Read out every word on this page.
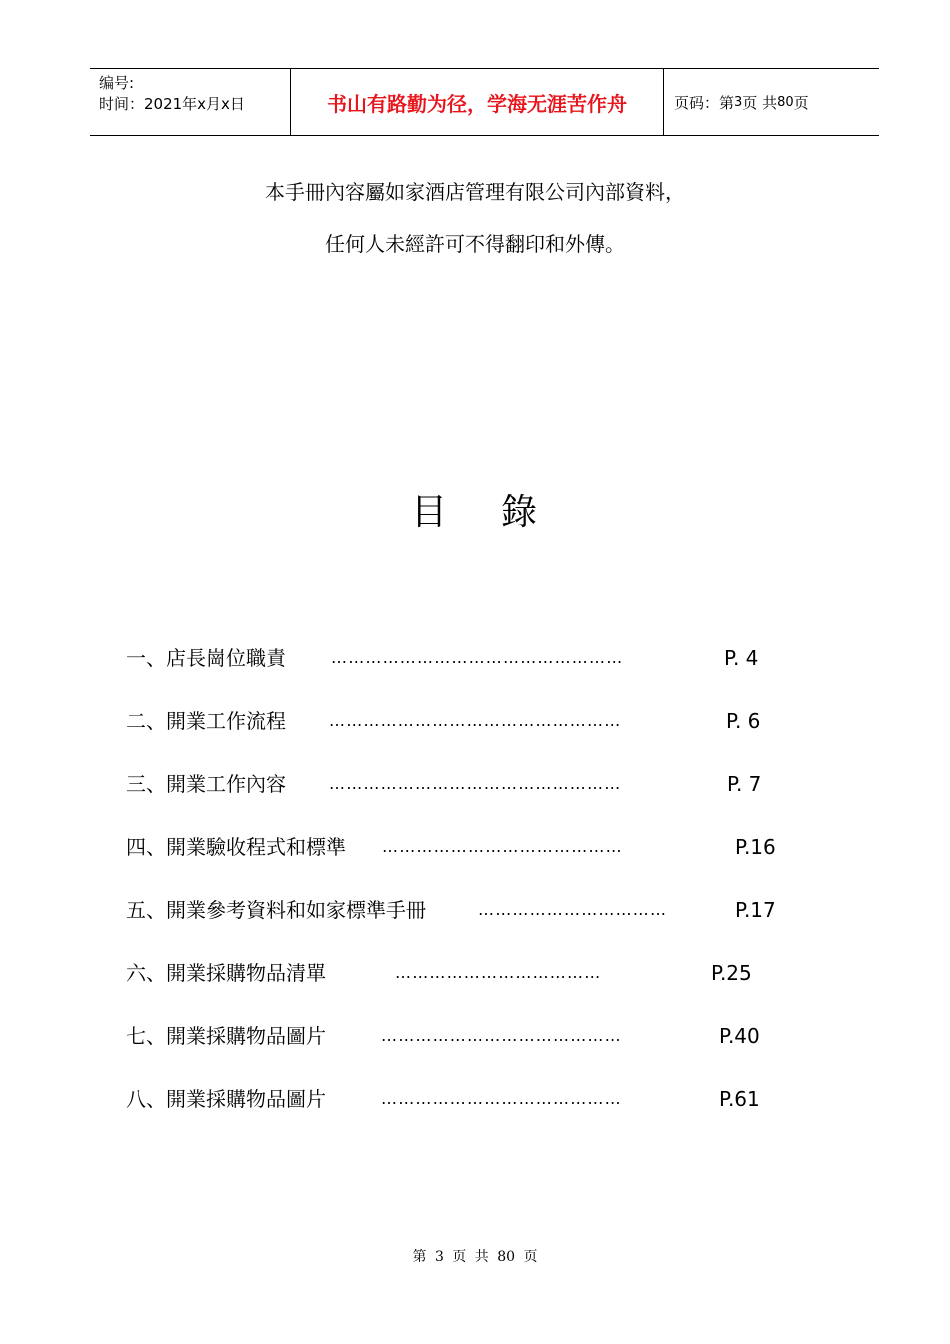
编号:
时间：2021年x月x日	书山有路勤为径，学海无涯苦作舟	页码：第 3 页 共 80 页
本手冊內容屬如家酒店管理有限公司內部資料，
任何人未經許可不得翻印和外傳。
目 錄
一、店長崗位職責	……………………………………………	P. 4
二、開業工作流程	……………………………………………	P. 6
三、開業工作內容	……………………………………………	P. 7
四、開業驗收程式和標準 ……………………………………	P.16
五、開業參考資料和如家標準手冊	……………………………	P.17
六、開業採購物品清單	………………………………	P.25
七、開業採購物品圖片	……………………………………	P.40
八、開業採購物品圖片	……………………………………	P.61
第 3 页 共 80 页
